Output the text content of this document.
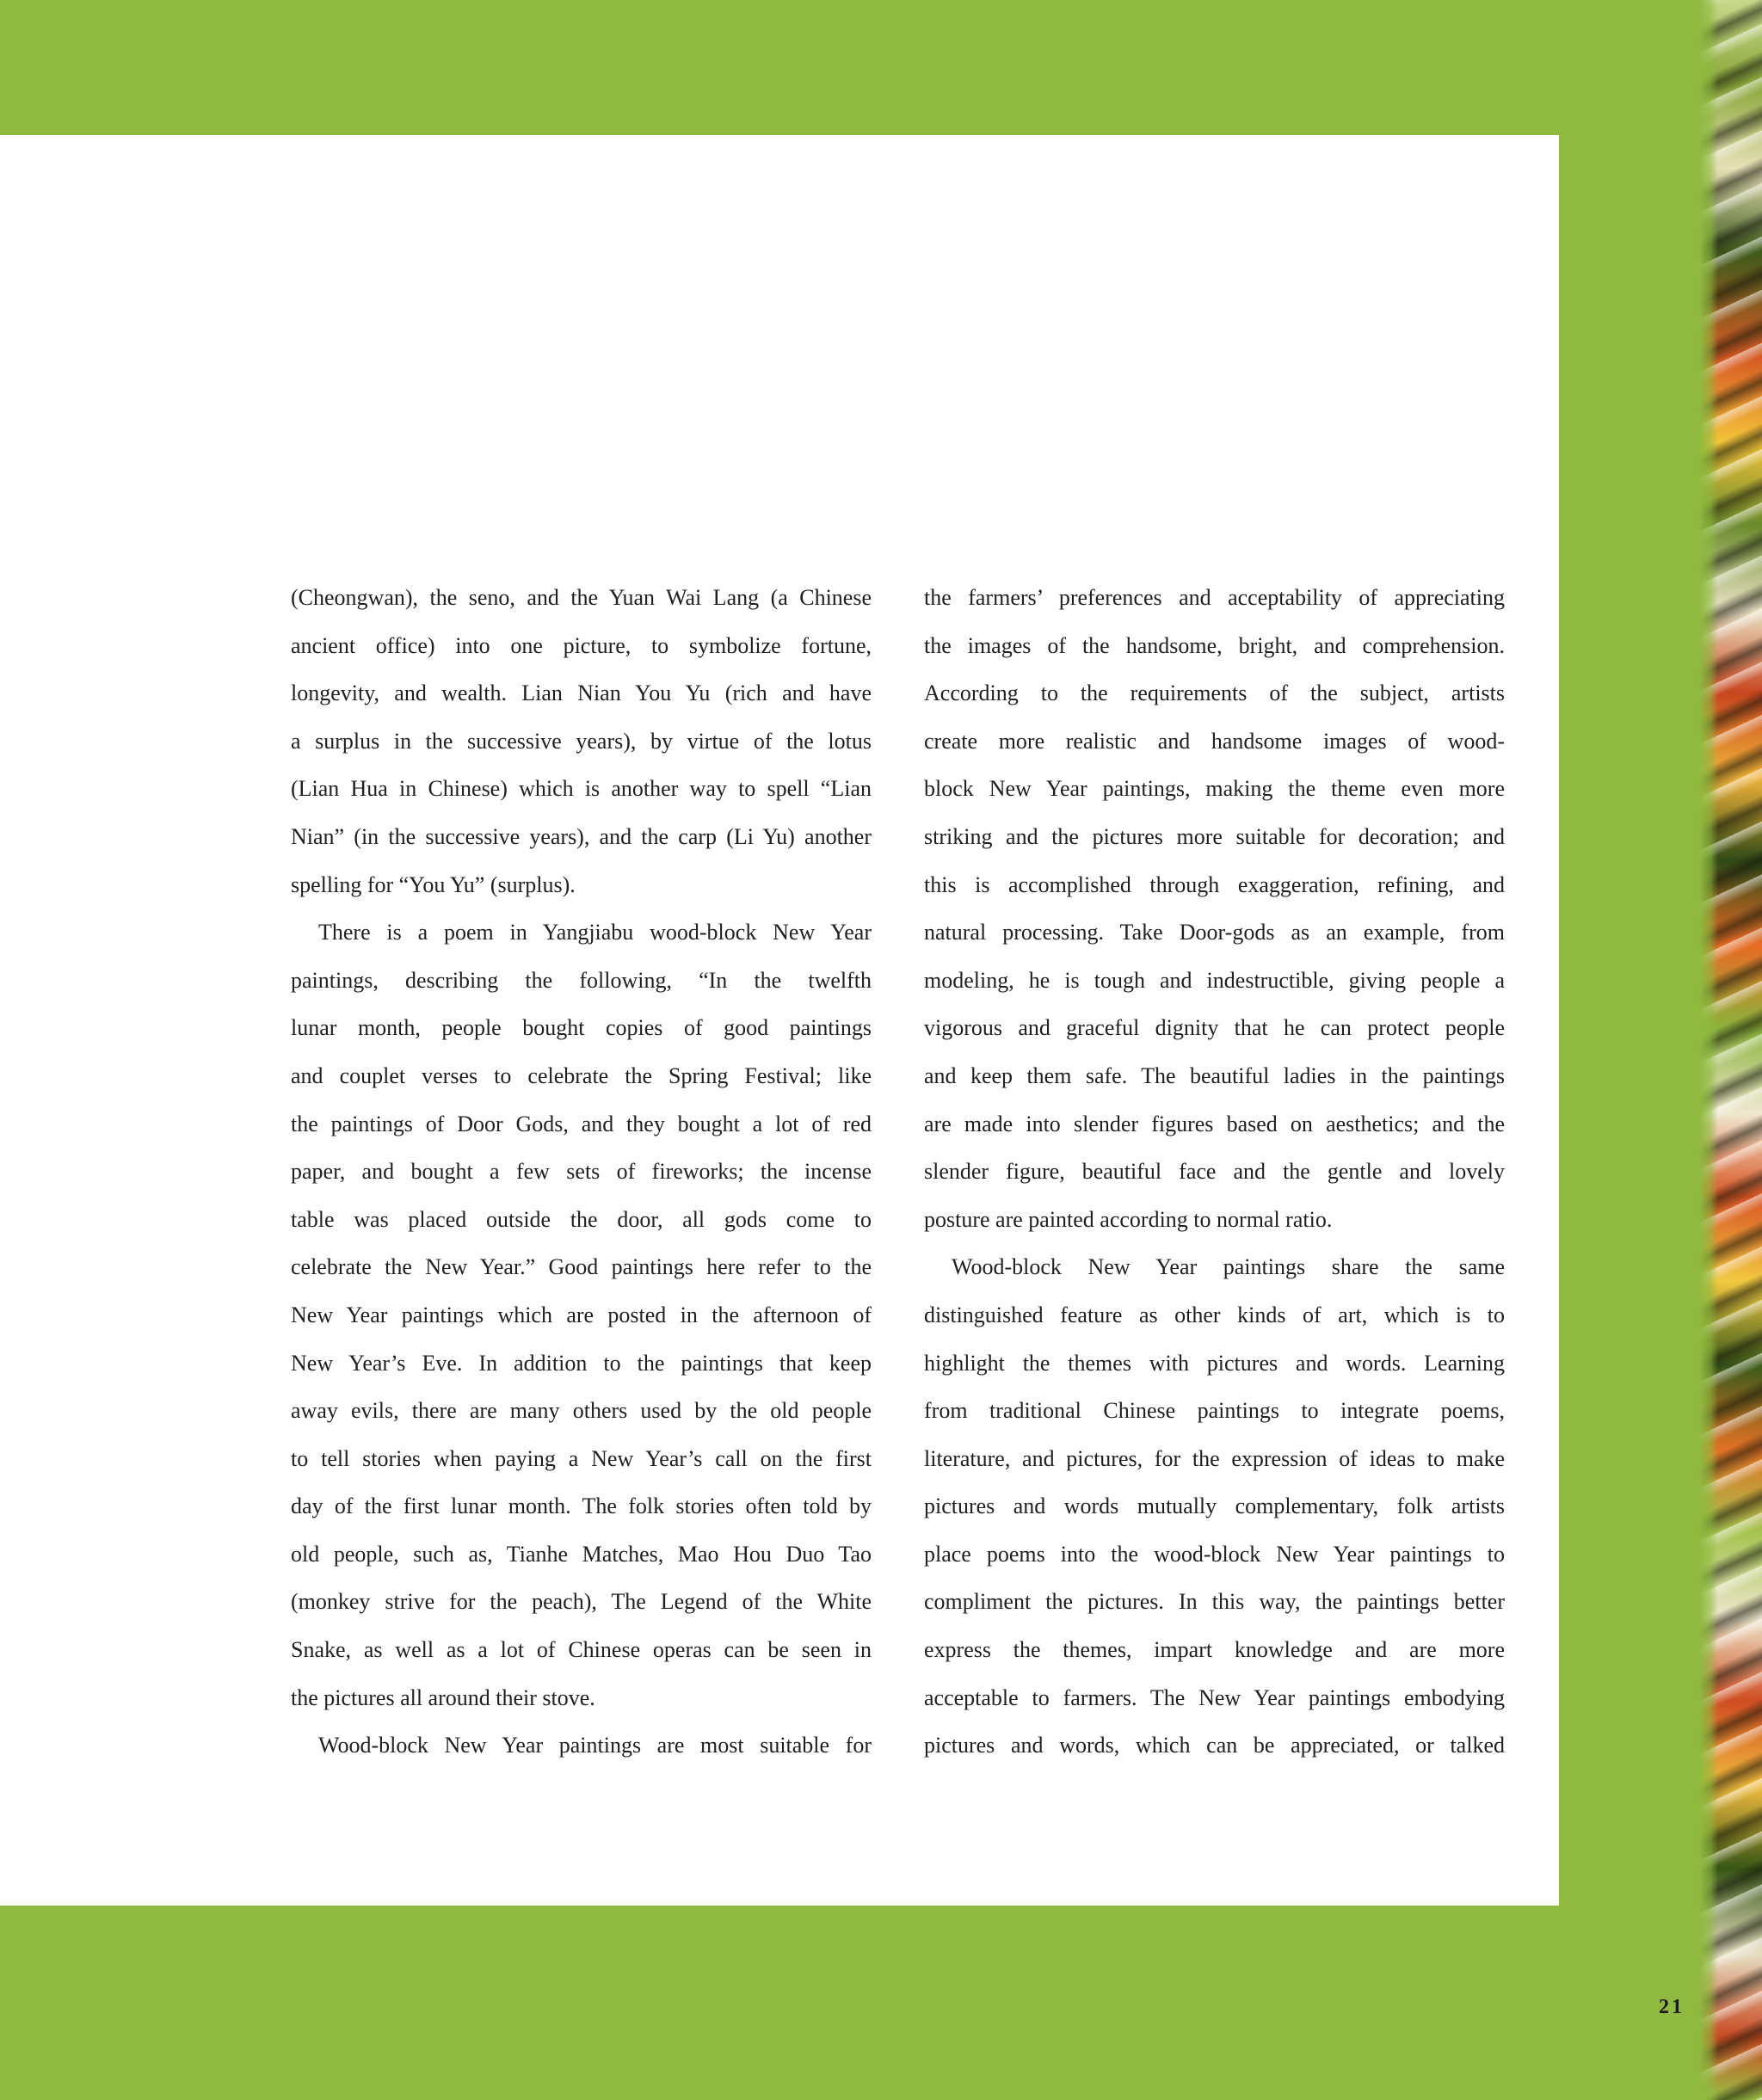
(Cheongwan), the seno, and the Yuan Wai Lang (a Chinese

ancient office) into one picture, to symbolize fortune,

longevity, and wealth. Lian Nian You Yu (rich and have

a surplus in the successive years), by virtue of the lotus

(Lian Hua in Chinese) which is another way to spell “Lian

Nian” (in the successive years), and the carp (Li Yu) another

spelling for “You Yu” (surplus).

There is a poem in Yangjiabu wood-block New Year

paintings, describing the following, “In the twelfth

lunar month, people bought copies of good paintings

and couplet verses to celebrate the Spring Festival; like

the paintings of Door Gods, and they bought a lot of red

paper, and bought a few sets of fireworks; the incense

table was placed outside the door, all gods come to

celebrate the New Year.” Good paintings here refer to the

New Year paintings which are posted in the afternoon of

New Year’s Eve. In addition to the paintings that keep

away evils, there are many others used by the old people

to tell stories when paying a New Year’s call on the first

day of the first lunar month. The folk stories often told by

old people, such as, Tianhe Matches, Mao Hou Duo Tao

(monkey strive for the peach), The Legend of the White

Snake, as well as a lot of Chinese operas can be seen in

the pictures all around their stove.

Wood-block New Year paintings are most suitable for

the farmers’ preferences and acceptability of appreciating

the images of the handsome, bright, and comprehension.

According to the requirements of the subject, artists

create more realistic and handsome images of wood-

block New Year paintings, making the theme even more

striking and the pictures more suitable for decoration; and

this is accomplished through exaggeration, refining, and

natural processing. Take Door-gods as an example, from

modeling, he is tough and indestructible, giving people a

vigorous and graceful dignity that he can protect people

and keep them safe. The beautiful ladies in the paintings

are made into slender figures based on aesthetics; and the

slender figure, beautiful face and the gentle and lovely

posture are painted according to normal ratio.

Wood-block New Year paintings share the same

distinguished feature as other kinds of art, which is to

highlight the themes with pictures and words. Learning

from traditional Chinese paintings to integrate poems,

literature, and pictures, for the expression of ideas to make

pictures and words mutually complementary, folk artists

place poems into the wood-block New Year paintings to

compliment the pictures. In this way, the paintings better

express the themes, impart knowledge and are more

acceptable to farmers. The New Year paintings embodying

pictures and words, which can be appreciated, or talked

21
